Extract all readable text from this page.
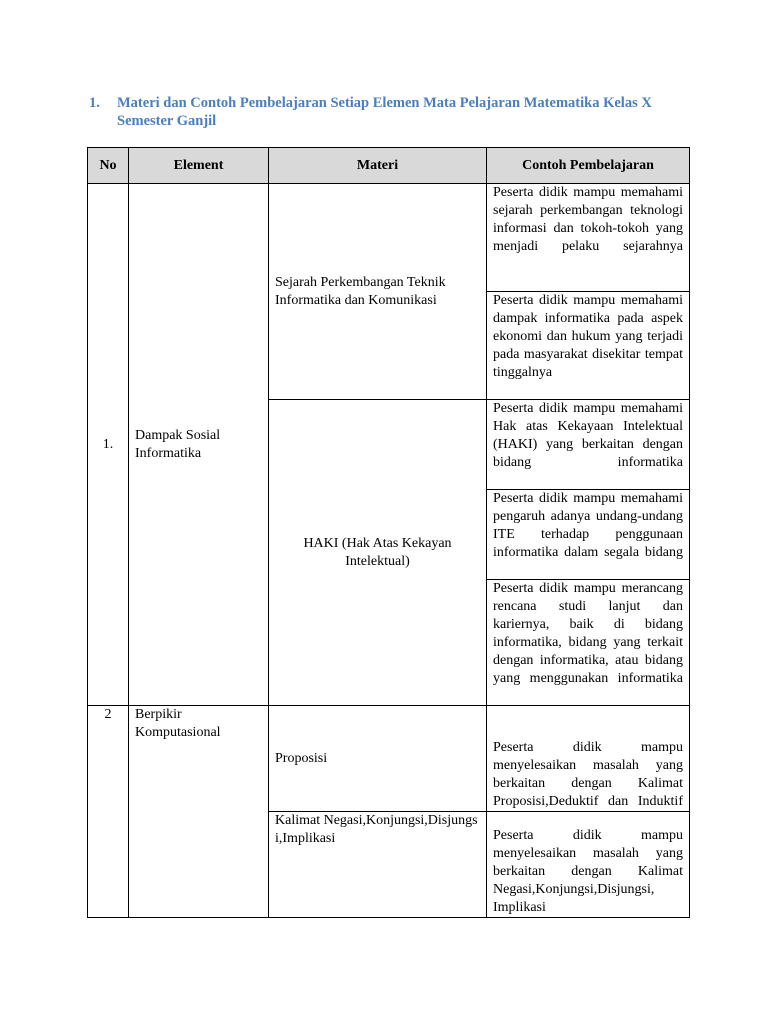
1. Materi dan Contoh Pembelajaran Setiap Elemen Mata Pelajaran Matematika Kelas X Semester Ganjil
No	Element	Materi	Contoh Pembelajaran
1.	Dampak Sosial Informatika	Sejarah Perkembangan Teknik Informatika dan Komunikasi	Peserta didik mampu memahami sejarah perkembangan teknologi informasi dan tokoh-tokoh yang menjadi pelaku sejarahnya
			Peserta didik mampu memahami dampak informatika pada aspek ekonomi dan hukum yang terjadi pada masyarakat disekitar tempat tinggalnya
		HAKI (Hak Atas Kekayan Intelektual)	Peserta didik mampu memahami Hak atas Kekayaan Intelektual (HAKI) yang berkaitan dengan bidang informatika
			Peserta didik mampu memahami pengaruh adanya undang-undang ITE terhadap penggunaan informatika dalam segala bidang
			Peserta didik mampu merancang rencana studi lanjut dan kariernya, baik di bidang informatika, bidang yang terkait dengan informatika, atau bidang yang menggunakan informatika
2	Berpikir Komputasional	Proposisi	Peserta didik mampu menyelesaikan masalah yang berkaitan dengan Kalimat Proposisi,Deduktif dan Induktif
		Kalimat Negasi,Konjungsi,Disjungsi,Implikasi	Peserta didik mampu menyelesaikan masalah yang berkaitan dengan Kalimat Negasi,Konjungsi,Disjungsi, Implikasi
